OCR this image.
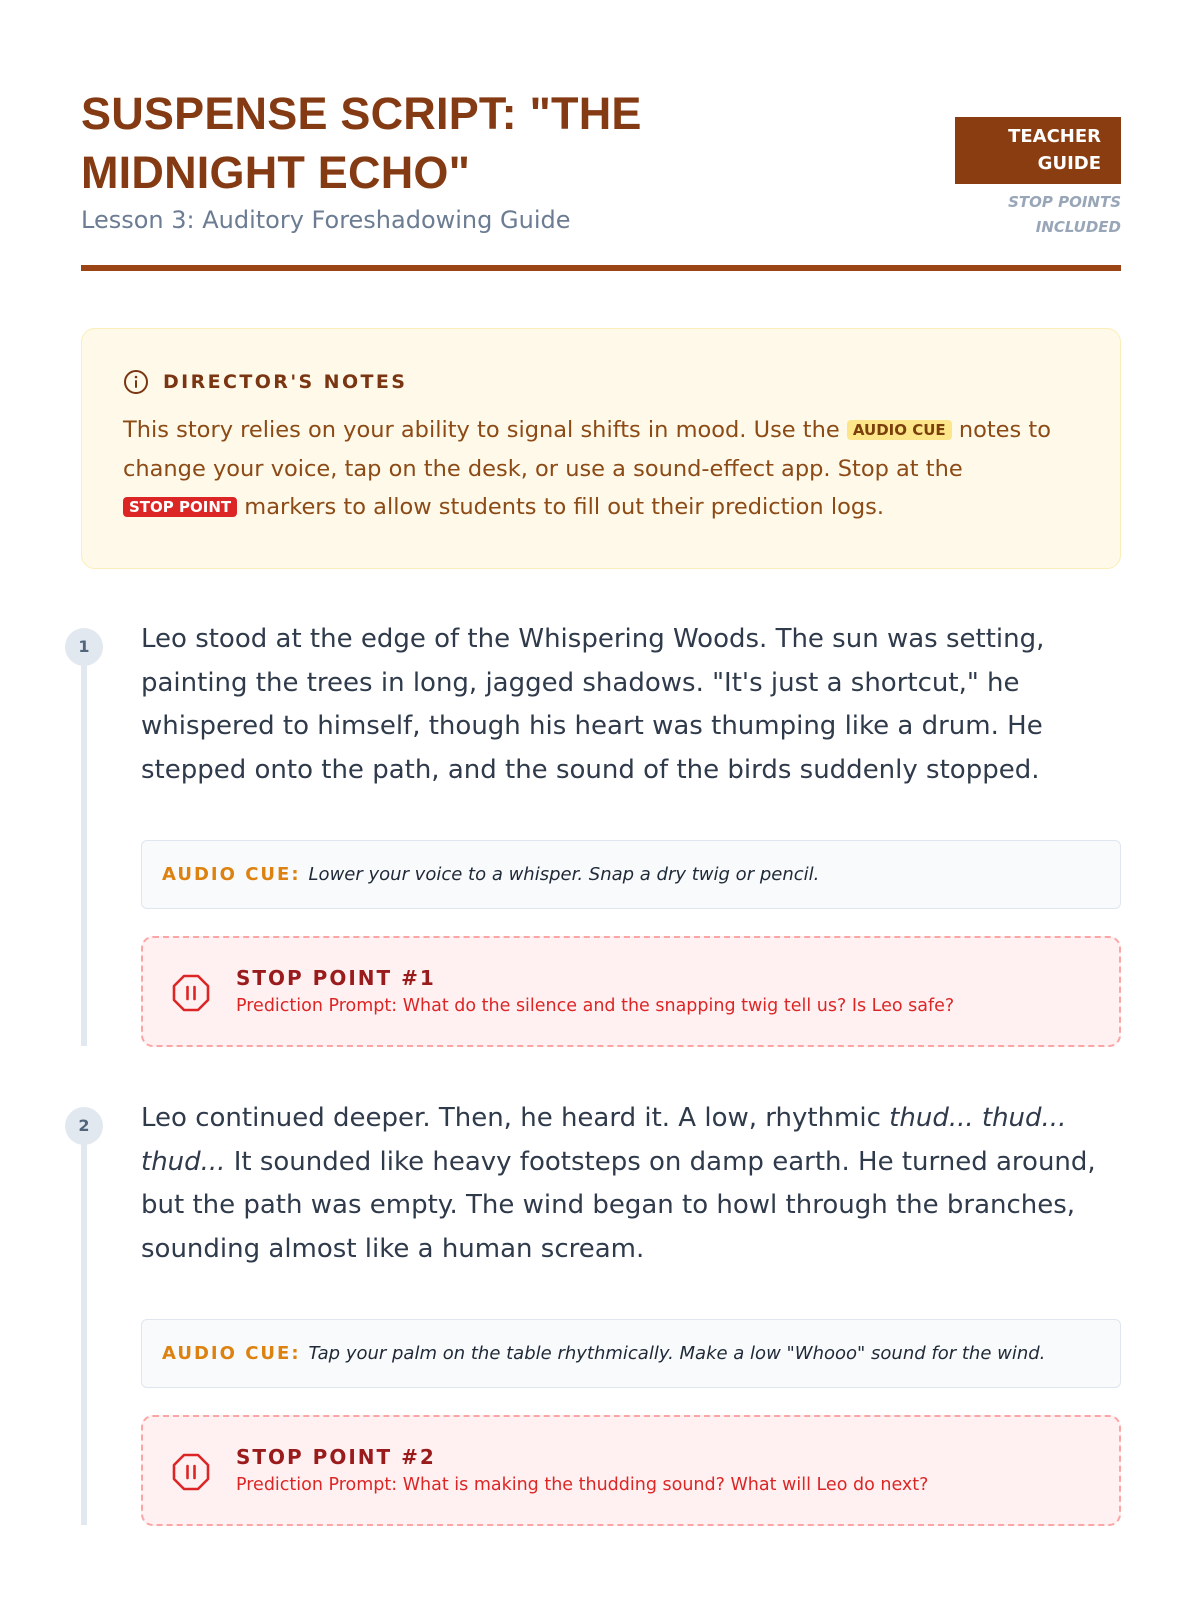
SUSPENSE SCRIPT: "THE MIDNIGHT ECHO"

Lesson 3: Auditory Foreshadowing Guide

TEACHER GUIDE
STOP POINTS INCLUDED
DIRECTOR'S NOTES

This story relies on your ability to signal shifts in mood. Use the AUDIO CUE notes to change your voice, tap on the desk, or use a sound-effect app. Stop at the STOP POINT markers to allow students to fill out their prediction logs.

1	Leo stood at the edge of the Whispering Woods. The sun was setting, painting the trees in long, jagged shadows. "It's just a shortcut," he whispered to himself, though his heart was thumping like a drum. He stepped onto the path, and the sound of the birds suddenly stopped.

AUDIO CUE: Lower your voice to a whisper. Snap a dry twig or pencil.
STOP POINT #1
Prediction Prompt: What do the silence and the snapping twig tell us? Is Leo safe?
2	Leo continued deeper. Then, he heard it. A low, rhythmic thud... thud... thud... It sounded like heavy footsteps on damp earth. He turned around, but the path was empty. The wind began to howl through the branches, sounding almost like a human scream.

AUDIO CUE: Tap your palm on the table rhythmically. Make a low "Whooo" sound for the wind.
STOP POINT #2
Prediction Prompt: What is making the thudding sound? What will Leo do next?
